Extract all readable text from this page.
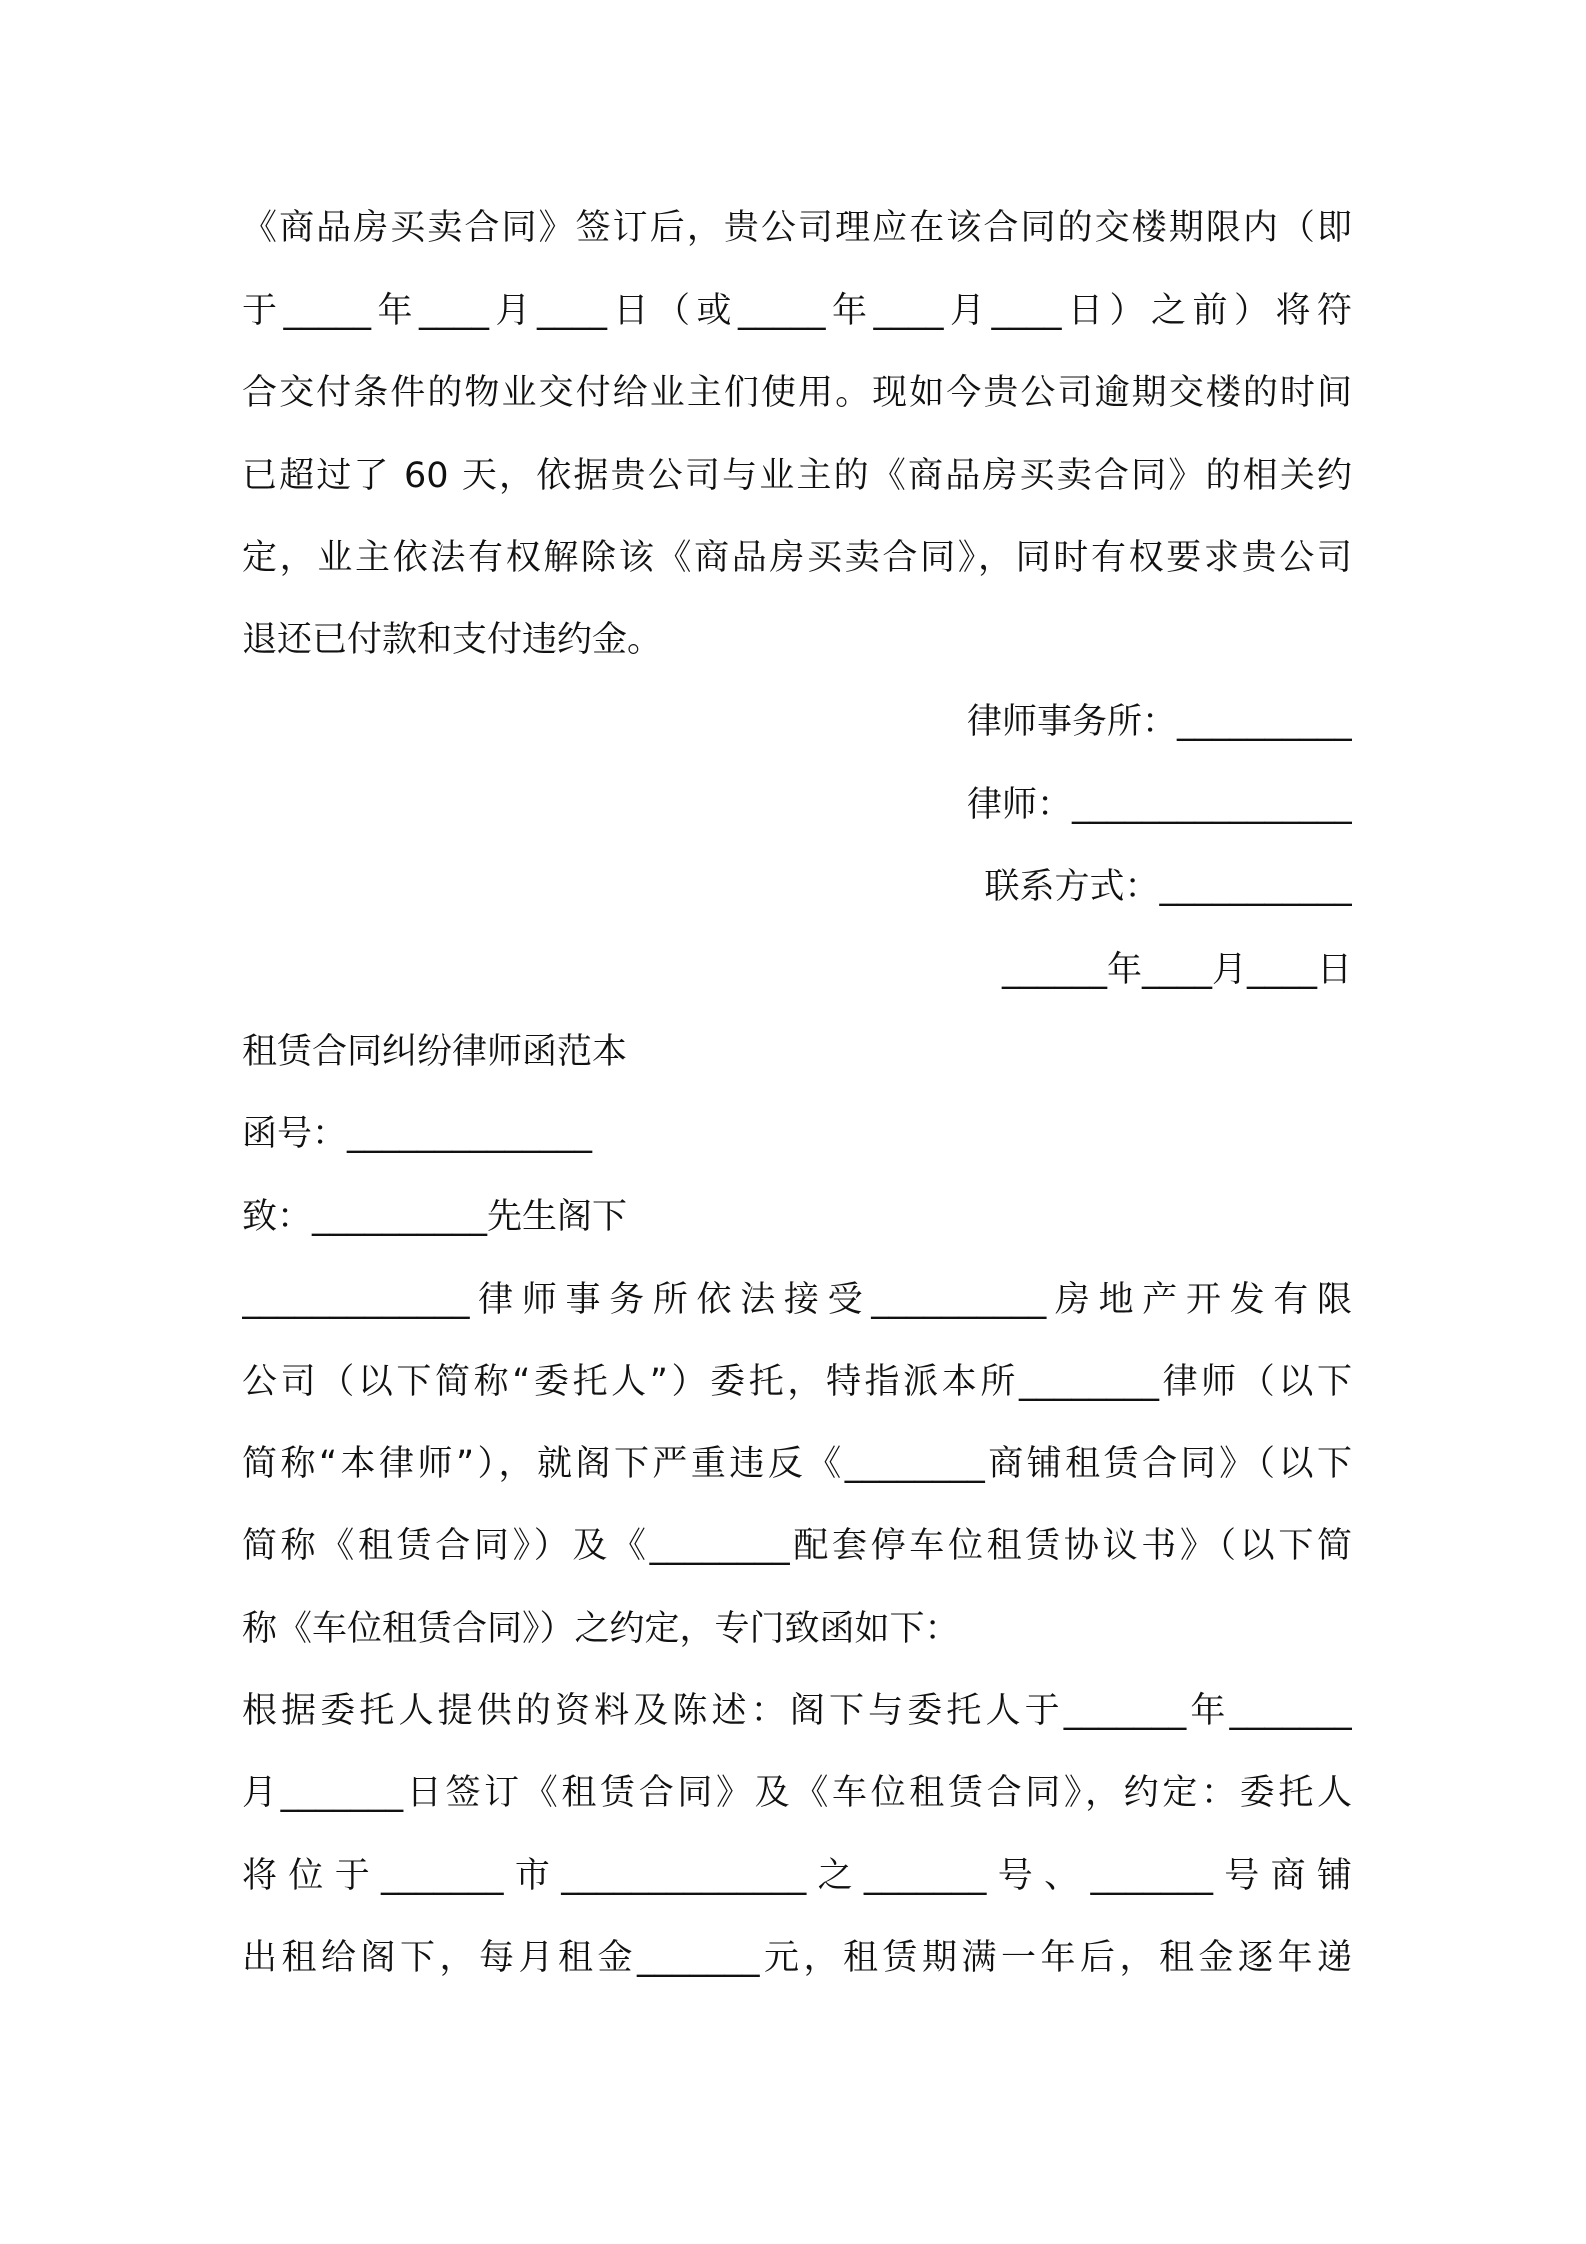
《商品房买卖合同》签订后，贵公司理应在该合同的交楼期限内（即
于_____年____月____日（或_____年____月____日）之前）将符
合交付条件的物业交付给业主们使用。现如今贵公司逾期交楼的时间
已超过了 60 天，依据贵公司与业主的《商品房买卖合同》的相关约
定，业主依法有权解除该《商品房买卖合同》，同时有权要求贵公司
退还已付款和支付违约金。
律师事务所：__________
律师：________________
联系方式：___________
______年____月____日
租赁合同纠纷律师函范本
函号：______________
致：__________先生阁下
_____________律师事务所依法接受__________房地产开发有限
公司（以下简称“委托人”）委托，特指派本所________律师（以下
简称“本律师”），就阁下严重违反《________商铺租赁合同》（以下
简称《租赁合同》）及《________配套停车位租赁协议书》（以下简
称《车位租赁合同》）之约定，专门致函如下：
根据委托人提供的资料及陈述：阁下与委托人于_______年_______
月_______日签订《租赁合同》及《车位租赁合同》，约定：委托人
将位于_______市______________之_______号、_______号商铺
出租给阁下，每月租金_______元，租赁期满一年后，租金逐年递
